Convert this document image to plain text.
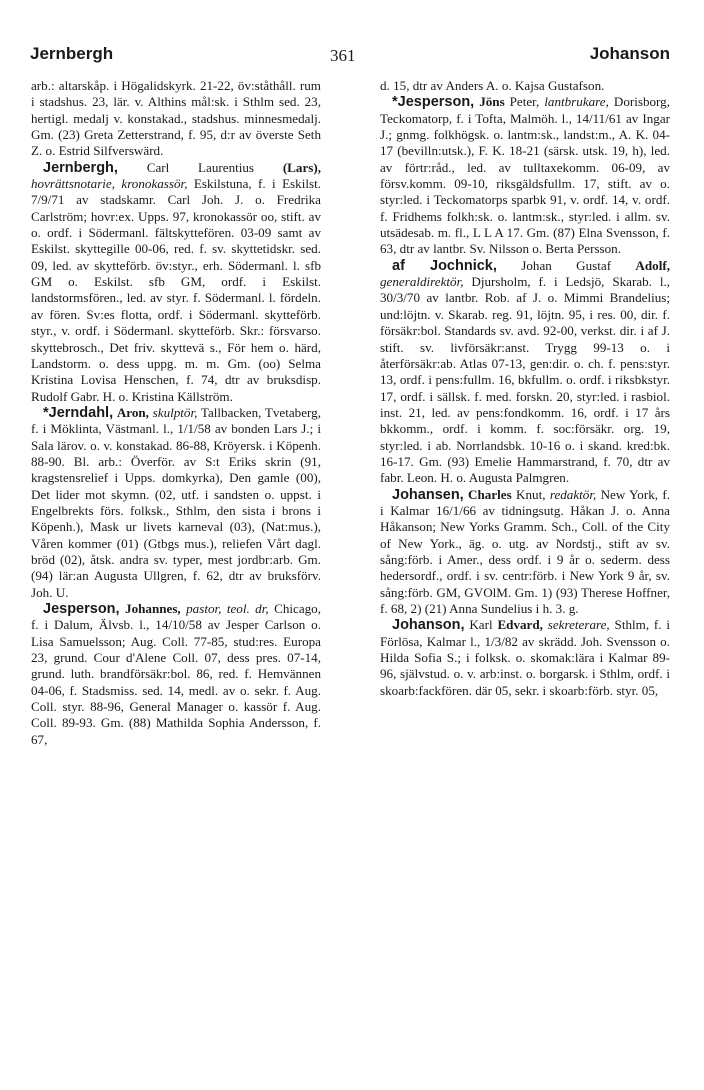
Jernbergh	361	Johanson

arb.: altarskåp. i Högalidskyrk. 21-22, öv:ståthåll. rum i stadshus. 23, lär. v. Althins mål:sk. i Sthlm sed. 23, hertigl. medalj v. konstakad., stadshus. minnesmedalj. Gm. (23) Greta Zetterstrand, f. 95, d:r av överste Seth Z. o. Estrid Silfverswärd.

Jernbergh, Carl Laurentius (Lars), hovrättsnotarie, kronokassör, Eskilstuna, f. i Eskilst. 7/9/71 av stadskamr. Carl Joh. J. o. Fredrika Carlström; hovr:ex. Upps. 97, kronokassör oo, stift. av o. ordf. i Södermanl. fältskyttefören. 03-09 samt av Eskilst. skyttegille 00-06, red. f. sv. skyttetidskr. sed. 09, led. av skytteförb. öv:styr., erh. Södermanl. l. sfb GM o. Eskilst. sfb GM, ordf. i Eskilst. landstormsfören., led. av styr. f. Södermanl. l. fördeln. av fören. Sv:es flotta, ordf. i Södermanl. skytteförb. styr., v. ordf. i Södermanl. skytteförb. Skr.: försvarso. skyttebrosch., Det friv. skyttevä s., För hem o. härd, Landstorm. o. dess uppg. m. m. Gm. (oo) Selma Kristina Lovisa Henschen, f. 74, dtr av bruksdisp. Rudolf Gabr. H. o. Kristina Källström.

*Jerndahl, Aron, skulptör, Tallbacken, Tvetaberg, f. i Möklinta, Västmanl. l., 1/1/58 av bonden Lars J.; i Sala lärov. o. v. konstakad. 86-88, Kröyersk. i Köpenh. 88-90. Bl. arb.: Överför. av S:t Eriks skrin (91, kragstensrelief i Upps. domkyrka), Den gamle (00), Det lider mot skymn. (02, utf. i sandsten o. uppst. i Engelbrekts förs. folksk., Sthlm, den sista i brons i Köpenh.), Mask ur livets karneval (03), (Nat:mus.), Våren kommer (01) (Gtbgs mus.), reliefen Vårt dagl. bröd (02), åtsk. andra sv. typer, mest jordbr:arb. Gm. (94) lär:an Augusta Ullgren, f. 62, dtr av bruksförv. Joh. U.

Jesperson, Johannes, pastor, teol. dr, Chicago, f. i Dalum, Älvsb. l., 14/10/58 av Jesper Carlson o. Lisa Samuelsson; Aug. Coll. 77-85, stud:res. Europa 23, grund. Cour d'Alene Coll. 07, dess pres. 07-14, grund. luth. brandförsäkr:bol. 86, red. f. Hemvännen 04-06, f. Stadsmiss. sed. 14, medl. av o. sekr. f. Aug. Coll. styr. 88-96, General Manager o. kassör f. Aug. Coll. 89-93. Gm. (88) Mathilda Sophia Andersson, f. 67,

d. 15, dtr av Anders A. o. Kajsa Gustafson.

*Jesperson, Jöns Peter, lantbrukare, Dorisborg, Teckomatorp, f. i Tofta, Malmöh. l., 14/11/61 av Ingar J.; gnmg. folkhögsk. o. lantm:sk., landst:m., A. K. 04-17 (bevilln:utsk.), F. K. 18-21 (särsk. utsk. 19, h), led. av förtr:råd., led. av tulltaxekomm. 06-09, av försv.komm. 09-10, riksgäldsfullm. 17, stift. av o. styr:led. i Teckomatorps sparbk 91, v. ordf. 14, v. ordf. f. Fridhems folkh:sk. o. lantm:sk., styr:led. i allm. sv. utsädesab. m. fl., L L A 17. Gm. (87) Elna Svensson, f. 63, dtr av lantbr. Sv. Nilsson o. Berta Persson.

af Jochnick, Johan Gustaf Adolf, generaldirektör, Djursholm, f. i Ledsjö, Skarab. l., 30/3/70 av lantbr. Rob. af J. o. Mimmi Brandelius; und:löjtn. v. Skarab. reg. 91, löjtn. 95, i res. 00, dir. f. försäkr:bol. Standards sv. avd. 92-00, verkst. dir. i af J. stift. sv. livförsäkr:anst. Trygg 99-13 o. i återförsäkr:ab. Atlas 07-13, gen:dir. o. ch. f. pens:styr. 13, ordf. i pens:fullm. 16, bkfullm. o. ordf. i riksbkstyr. 17, ordf. i sällsk. f. med. forskn. 20, styr:led. i rasbiol. inst. 21, led. av pens:fondkomm. 16, ordf. i 17 års bkkomm., ordf. i komm. f. soc:försäkr. org. 19, styr:led. i ab. Norrlandsbk. 10-16 o. i skand. kred:bk. 16-17. Gm. (93) Emelie Hammarstrand, f. 70, dtr av fabr. Leon. H. o. Augusta Palmgren.

Johansen, Charles Knut, redaktör, New York, f. i Kalmar 16/1/66 av tidningsutg. Håkan J. o. Anna Håkanson; New Yorks Gramm. Sch., Coll. of the City of New York., äg. o. utg. av Nordstj., stift av sv. sång:förb. i Amer., dess ordf. i 9 år o. sederm. dess hedersordf., ordf. i sv. centr:förb. i New York 9 år, sv. sång:förb. GM, GVOlM. Gm. 1) (93) Therese Hoffner, f. 68, 2) (21) Anna Sundelius i h. 3. g.

Johanson, Karl Edvard, sekreterare, Sthlm, f. i Förlösa, Kalmar l., 1/3/82 av skrädd. Joh. Svensson o. Hilda Sofia S.; i folksk. o. skomak:lära i Kalmar 89-96, självstud. o. v. arb:inst. o. borgarsk. i Sthlm, ordf. i skoarb:fackfören. där 05, sekr. i skoarb:förb. styr. 05,
